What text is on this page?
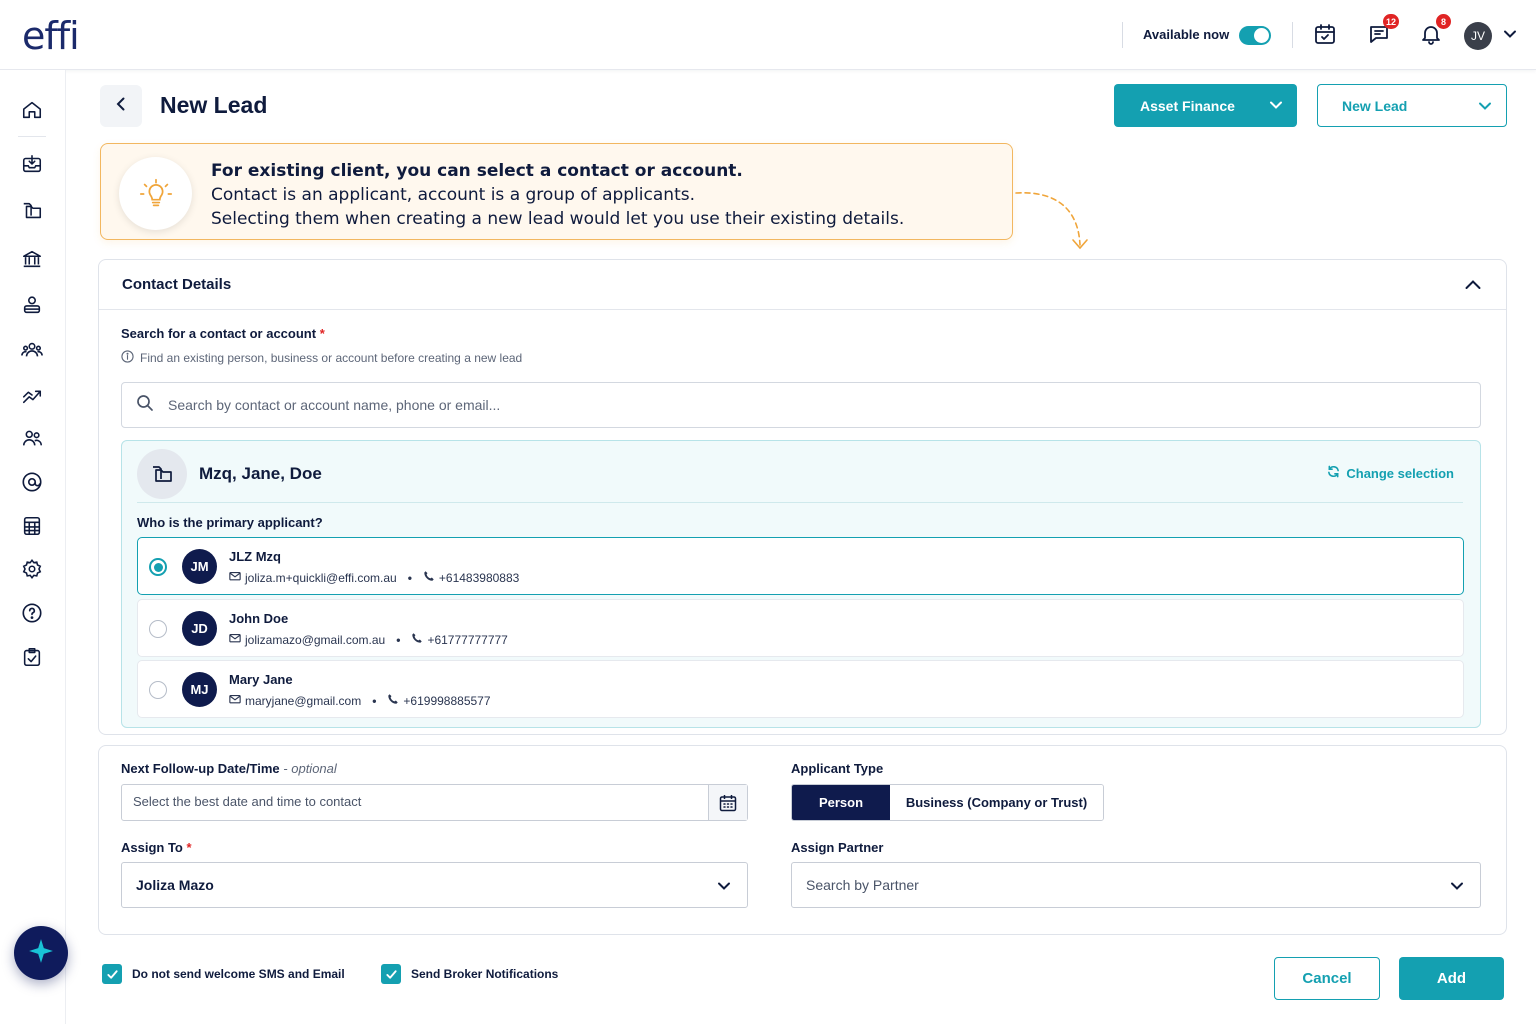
effi	Available now
12	8
JV
New Lead	Asset Finance	New Lead
For existing client, you can select a contact or account.
Contact is an applicant, account is a group of applicants.
Selecting them when creating a new lead would let you use their existing details.
Contact Details
Search for a contact or account *
Find an existing person, business or account before creating a new lead
Search by contact or account name, phone or email...
Mzq, Jane, Doe	Change selection
Who is the primary applicant?
JM
JLZ Mzq
joliza.m+quickli@effi.com.au • +61483980883
JD
John Doe
jolizamazo@gmail.com.au • +61777777777
MJ
Mary Jane
maryjane@gmail.com • +619998885577
Next Follow-up Date/Time - optional
Select the best date and time to contact	Applicant Type
Person	Business (Company or Trust)
Assign To *
Joliza Mazo
Assign Partner
Search by Partner
Do not send welcome SMS and Email	Send Broker Notifications	Cancel	Add
